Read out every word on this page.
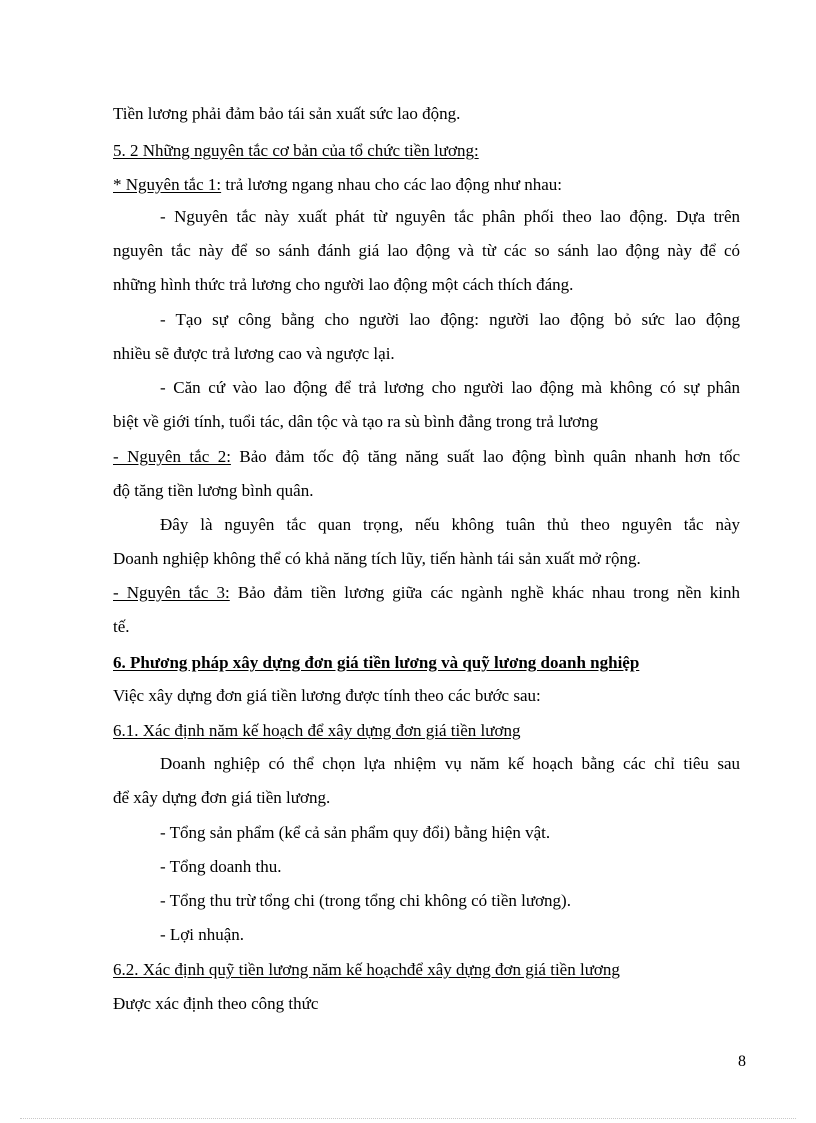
Tiền lương phải đảm bảo tái sản xuất sức lao động.
5. 2 Những nguyên tắc cơ bản của tổ chức tiền lương:
* Nguyên tắc 1: trả lương ngang nhau cho các lao động như nhau:
- Nguyên tắc này xuất phát từ nguyên tắc phân phối theo lao động. Dựa trên
nguyên tắc này để so sánh đánh giá lao động và từ các so sánh lao động này để có
những hình thức trả lương cho người lao động một cách thích đáng.
- Tạo sự công bằng cho người lao động: người lao động bỏ sức lao động
nhiều sẽ được trả lương cao và ngược lại.
- Căn cứ vào lao động để trả lương cho người lao động mà không có sự phân
biệt về giới tính, tuổi tác, dân tộc và tạo ra sù bình đẳng trong trả lương
- Nguyên tắc 2: Bảo đảm tốc độ tăng năng suất lao động bình quân nhanh hơn tốc
độ tăng tiền lương bình quân.
Đây là nguyên tắc quan trọng, nếu không tuân thủ theo nguyên tắc này
Doanh nghiệp không thể có khả năng tích lũy, tiến hành tái sản xuất mở rộng.
- Nguyên tắc 3: Bảo đảm tiền lương giữa các ngành nghề khác nhau trong nền kinh
tế.
6. Phương pháp xây dựng đơn giá tiền lương và quỹ lương doanh nghiệp
Việc xây dựng đơn giá tiền lương được tính theo các bước sau:
6.1. Xác định năm kế hoạch để xây dựng đơn giá tiền lương
Doanh nghiệp có thể chọn lựa nhiệm vụ năm kế hoạch bằng các chỉ tiêu sau
để xây dựng đơn giá tiền lương.
- Tổng sản phẩm (kể cả sản phẩm quy đổi) bằng hiện vật.
- Tổng doanh thu.
- Tổng thu trừ tổng chi (trong tổng chi không có tiền lương).
- Lợi nhuận.
6.2. Xác định quỹ tiền lương năm kế hoạchđể xây dựng đơn giá tiền lương
Được xác định theo công thức
8
